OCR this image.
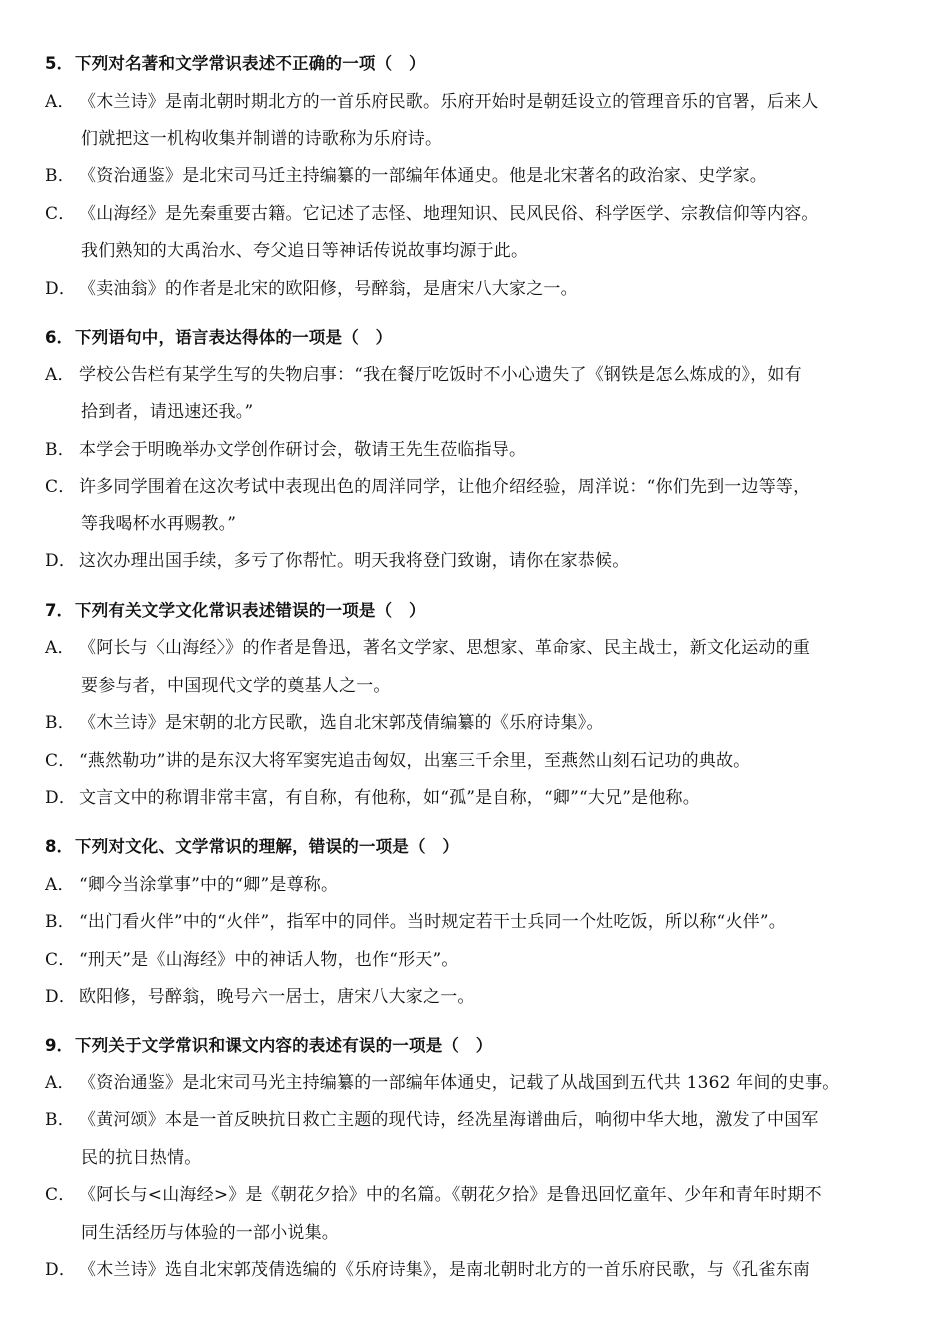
5． 下列对名著和文学常识表述不正确的一项（　）
A． 《木兰诗》是南北朝时期北方的一首乐府民歌。乐府开始时是朝廷设立的管理音乐的官署，后来人
们就把这一机构收集并制谱的诗歌称为乐府诗。
B． 《资治通鉴》是北宋司马迁主持编纂的一部编年体通史。他是北宋著名的政治家、史学家。
C． 《山海经》是先秦重要古籍。它记述了志怪、地理知识、民风民俗、科学医学、宗教信仰等内容。
我们熟知的大禹治水、夸父追日等神话传说故事均源于此。
D． 《卖油翁》的作者是北宋的欧阳修，号醉翁，是唐宋八大家之一。
6． 下列语句中，语言表达得体的一项是（　）
A． 学校公告栏有某学生写的失物启事：“我在餐厅吃饭时不小心遗失了《钢铁是怎么炼成的》，如有
拾到者，请迅速还我。”
B． 本学会于明晚举办文学创作研讨会，敬请王先生莅临指导。
C． 许多同学围着在这次考试中表现出色的周洋同学，让他介绍经验，周洋说：“你们先到一边等等，
等我喝杯水再赐教。”
D． 这次办理出国手续，多亏了你帮忙。明天我将登门致谢，请你在家恭候。
7． 下列有关文学文化常识表述错误的一项是（　）
A． 《阿长与〈山海经〉》的作者是鲁迅，著名文学家、思想家、革命家、民主战士，新文化运动的重
要参与者，中国现代文学的奠基人之一。
B． 《木兰诗》是宋朝的北方民歌，选自北宋郭茂倩编纂的《乐府诗集》。
C． “燕然勒功”讲的是东汉大将军窦宪追击匈奴，出塞三千余里，至燕然山刻石记功的典故。
D． 文言文中的称谓非常丰富，有自称，有他称，如“孤”是自称，“卿”“大兄”是他称。
8． 下列对文化、文学常识的理解，错误的一项是（　）
A． “卿今当涂掌事”中的“卿”是尊称。
B． “出门看火伴”中的“火伴”，指军中的同伴。当时规定若干士兵同一个灶吃饭，所以称“火伴”。
C． “刑天”是《山海经》中的神话人物，也作“形天”。
D． 欧阳修，号醉翁，晚号六一居士，唐宋八大家之一。
9． 下列关于文学常识和课文内容的表述有误的一项是（　）
A． 《资治通鉴》是北宋司马光主持编纂的一部编年体通史，记载了从战国到五代共 1362 年间的史事。
B． 《黄河颂》本是一首反映抗日救亡主题的现代诗，经冼星海谱曲后，响彻中华大地，激发了中国军
民的抗日热情。
C． 《阿长与<山海经>》是《朝花夕拾》中的名篇。《朝花夕拾》是鲁迅回忆童年、少年和青年时期不
同生活经历与体验的一部小说集。
D． 《木兰诗》选自北宋郭茂倩选编的《乐府诗集》，是南北朝时北方的一首乐府民歌，与《孔雀东南
